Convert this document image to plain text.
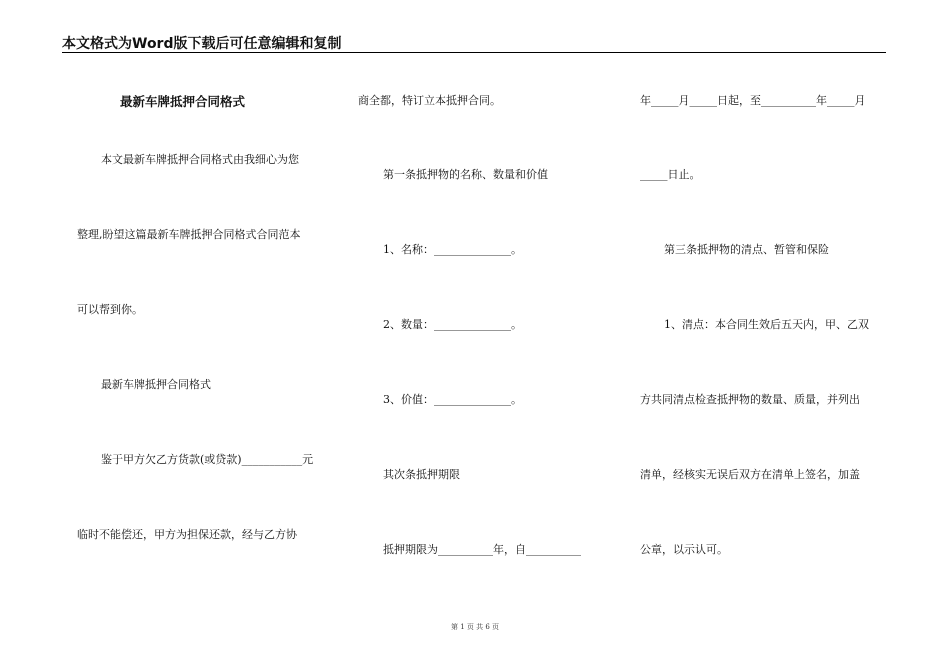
本文格式为Word版下载后可任意编辑和复制
最新车牌抵押合同格式
本文最新车牌抵押合同格式由我细心为您
整理,盼望这篇最新车牌抵押合同格式合同范本
可以帮到你。
最新车牌抵押合同格式
鉴于甲方欠乙方货款(或贷款)___________元
临时不能偿还，甲方为担保还款，经与乙方协
商全都，特订立本抵押合同。
第一条抵押物的名称、数量和价值
1、名称：______________。
2、数量：______________。
3、价值：______________。
其次条抵押期限
抵押期限为__________年，自__________
年_____月_____日起，至__________年_____月
_____日止。
第三条抵押物的清点、暂管和保险
1、清点：本合同生效后五天内，甲、乙双
方共同清点检查抵押物的数量、质量，并列出
清单，经核实无误后双方在清单上签名，加盖
公章，以示认可。
第 1 页 共 6 页
